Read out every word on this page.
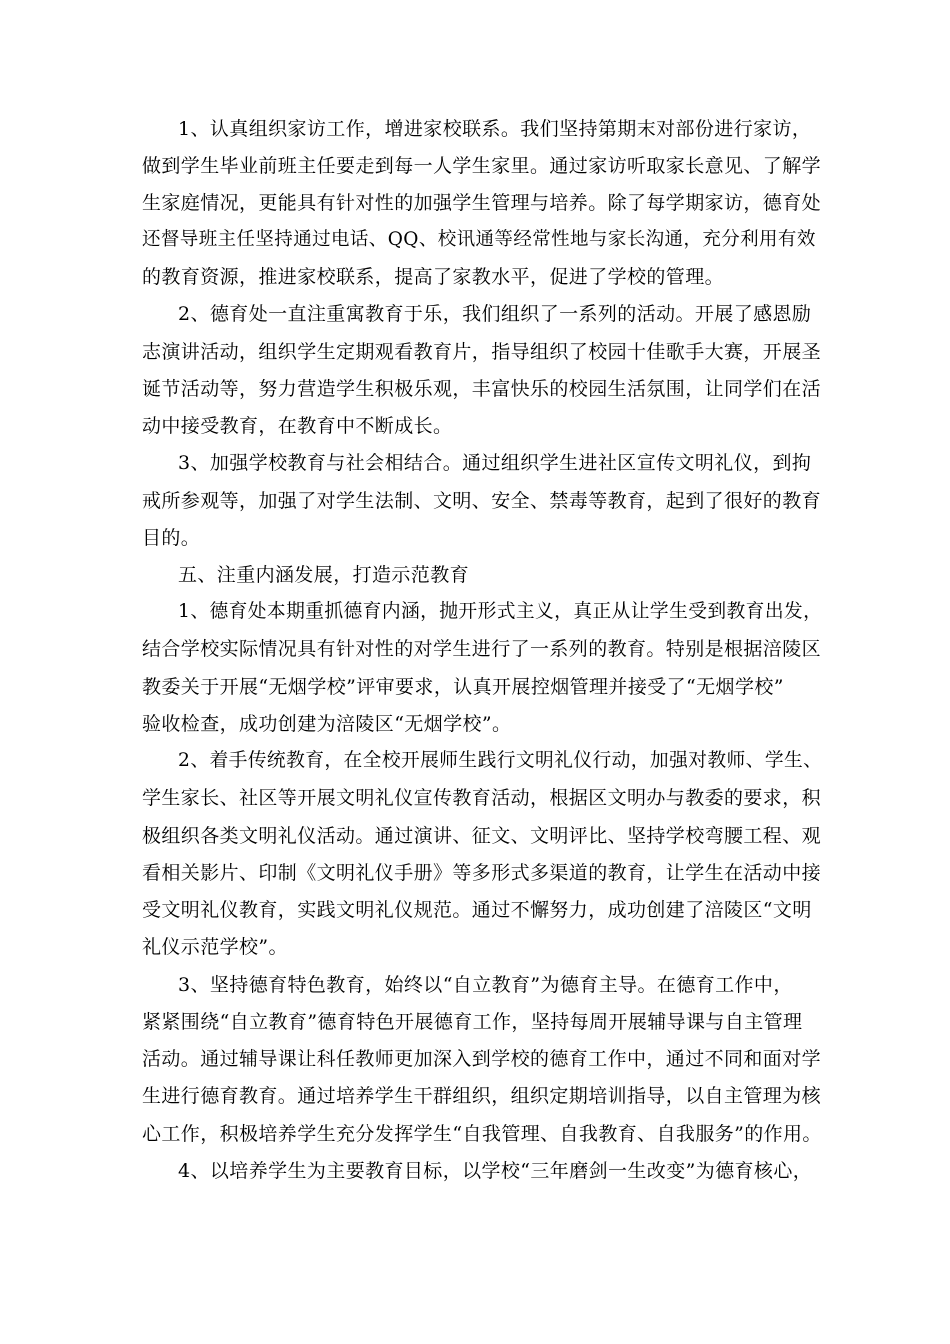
1、认真组织家访工作，增进家校联系。我们坚持第期末对部份进行家访，
做到学生毕业前班主任要走到每一人学生家里。通过家访听取家长意见、了解学
生家庭情况，更能具有针对性的加强学生管理与培养。除了每学期家访，德育处
还督导班主任坚持通过电话、QQ、校讯通等经常性地与家长沟通，充分利用有效
的教育资源，推进家校联系，提高了家教水平，促进了学校的管理。
2、德育处一直注重寓教育于乐，我们组织了一系列的活动。开展了感恩励
志演讲活动，组织学生定期观看教育片，指导组织了校园十佳歌手大赛，开展圣
诞节活动等，努力营造学生积极乐观，丰富快乐的校园生活氛围，让同学们在活
动中接受教育，在教育中不断成长。
3、加强学校教育与社会相结合。通过组织学生进社区宣传文明礼仪，到拘
戒所参观等，加强了对学生法制、文明、安全、禁毒等教育，起到了很好的教育
目的。
五、注重内涵发展，打造示范教育
1、德育处本期重抓德育内涵，抛开形式主义，真正从让学生受到教育出发，
结合学校实际情况具有针对性的对学生进行了一系列的教育。特别是根据涪陵区
教委关于开展“无烟学校”评审要求，认真开展控烟管理并接受了“无烟学校”
验收检查，成功创建为涪陵区“无烟学校”。
2、着手传统教育，在全校开展师生践行文明礼仪行动，加强对教师、学生、
学生家长、社区等开展文明礼仪宣传教育活动，根据区文明办与教委的要求，积
极组织各类文明礼仪活动。通过演讲、征文、文明评比、坚持学校弯腰工程、观
看相关影片、印制《文明礼仪手册》等多形式多渠道的教育，让学生在活动中接
受文明礼仪教育，实践文明礼仪规范。通过不懈努力，成功创建了涪陵区“文明
礼仪示范学校”。
3、坚持德育特色教育，始终以“自立教育”为德育主导。在德育工作中，
紧紧围绕“自立教育”德育特色开展德育工作，坚持每周开展辅导课与自主管理
活动。通过辅导课让科任教师更加深入到学校的德育工作中，通过不同和面对学
生进行德育教育。通过培养学生干群组织，组织定期培训指导，以自主管理为核
心工作，积极培养学生充分发挥学生“自我管理、自我教育、自我服务”的作用。
4、以培养学生为主要教育目标，以学校“三年磨剑一生改变”为德育核心，
